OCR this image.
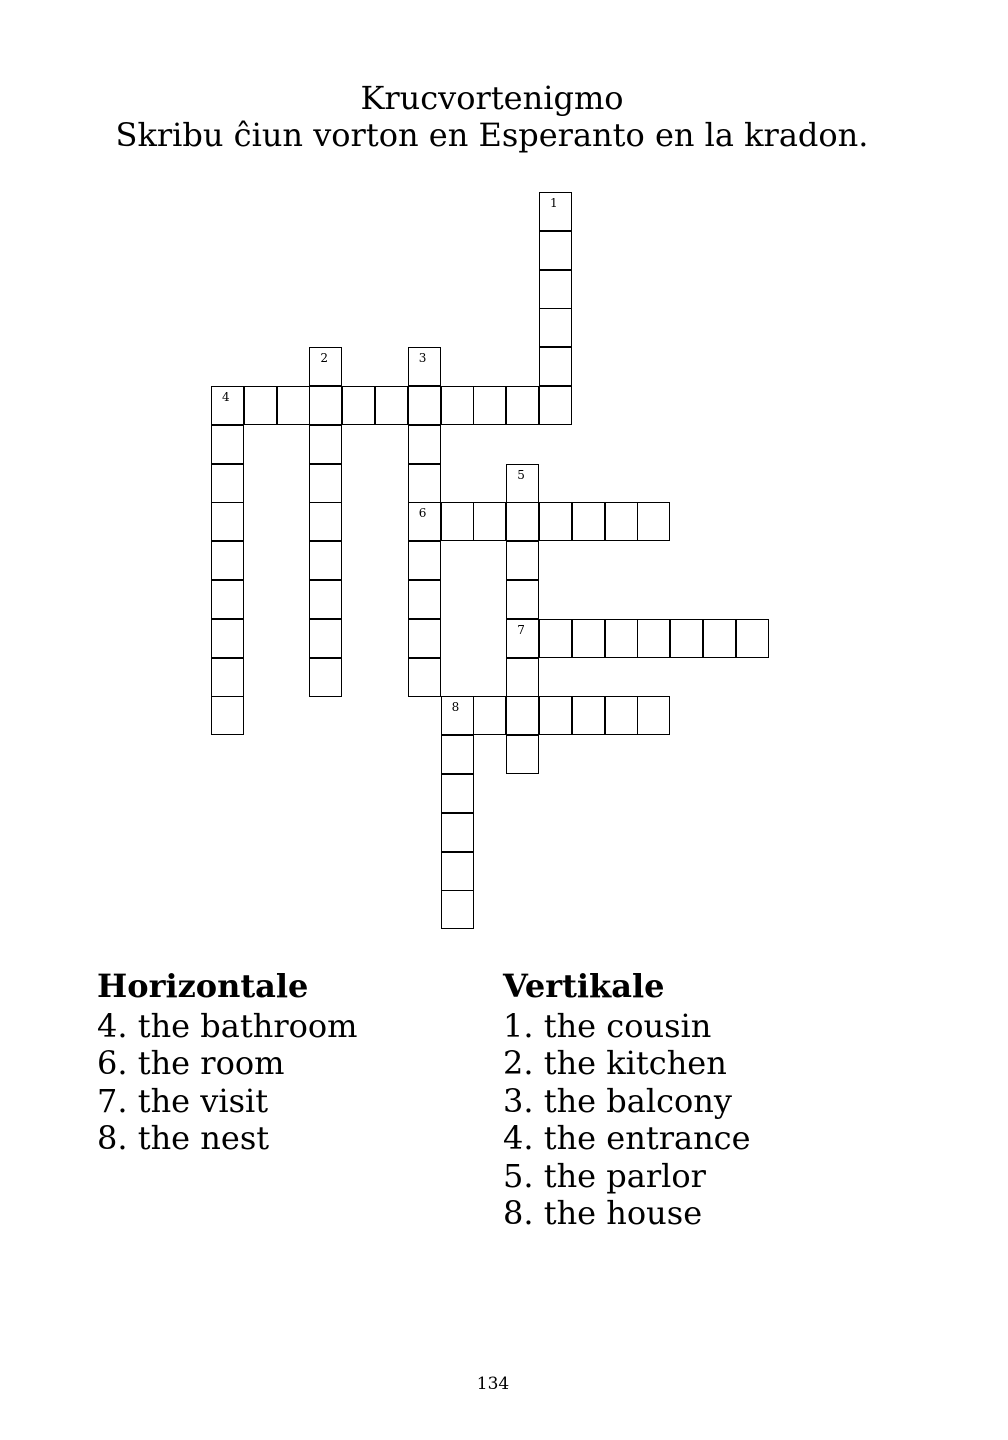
Krucvortenigmo
Skribu ĉiun vorton en Esperanto en la kradon.
1
2	3
6
4
5
7
8
Horizontale
4. the bathroom
6. the room
7. the visit
8. the nest
Vertikale
1. the cousin
2. the kitchen
3. the balcony
4. the entrance
5. the parlor
8. the house
134
